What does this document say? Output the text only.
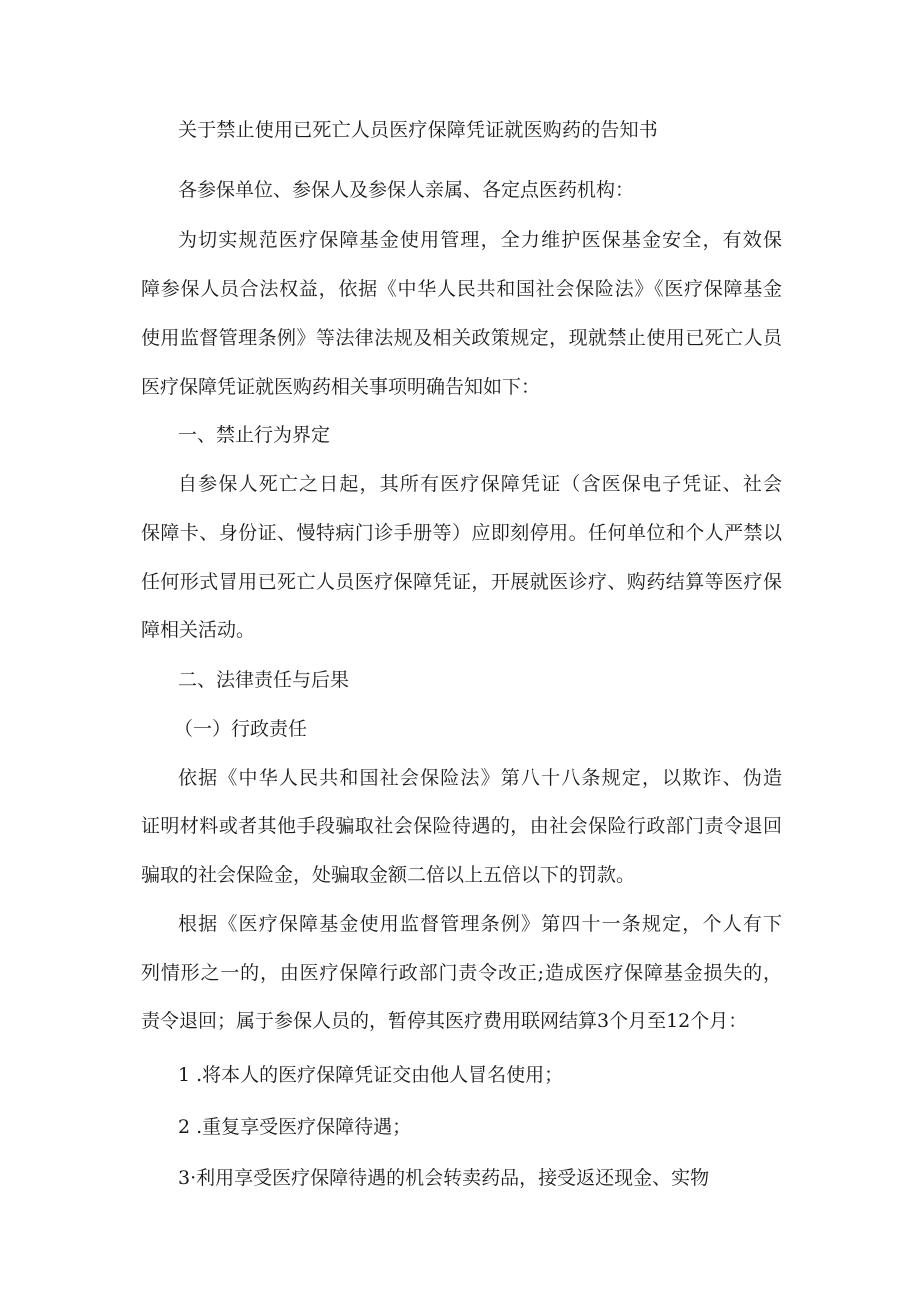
关于禁止使用已死亡人员医疗保障凭证就医购药的告知书
各参保单位、参保人及参保人亲属、各定点医药机构：
为切实规范医疗保障基金使用管理，全力维护医保基金安全，有效保
障参保人员合法权益，依据《中华人民共和国社会保险法》《医疗保障基金
使用监督管理条例》等法律法规及相关政策规定，现就禁止使用已死亡人员
医疗保障凭证就医购药相关事项明确告知如下：
一、禁止行为界定
自参保人死亡之日起，其所有医疗保障凭证（含医保电子凭证、社会
保障卡、身份证、慢特病门诊手册等）应即刻停用。任何单位和个人严禁以
任何形式冒用已死亡人员医疗保障凭证，开展就医诊疗、购药结算等医疗保
障相关活动。
二、法律责任与后果
（一）行政责任
依据《中华人民共和国社会保险法》第八十八条规定，以欺诈、伪造
证明材料或者其他手段骗取社会保险待遇的，由社会保险行政部门责令退回
骗取的社会保险金，处骗取金额二倍以上五倍以下的罚款。
根据《医疗保障基金使用监督管理条例》第四十一条规定，个人有下
列情形之一的，由医疗保障行政部门责令改正;造成医疗保障基金损失的，
责令退回；属于参保人员的，暂停其医疗费用联网结算3个月至12个月：
1 .将本人的医疗保障凭证交由他人冒名使用；
2 .重复享受医疗保障待遇；
3·利用享受医疗保障待遇的机会转卖药品，接受返还现金、实物
